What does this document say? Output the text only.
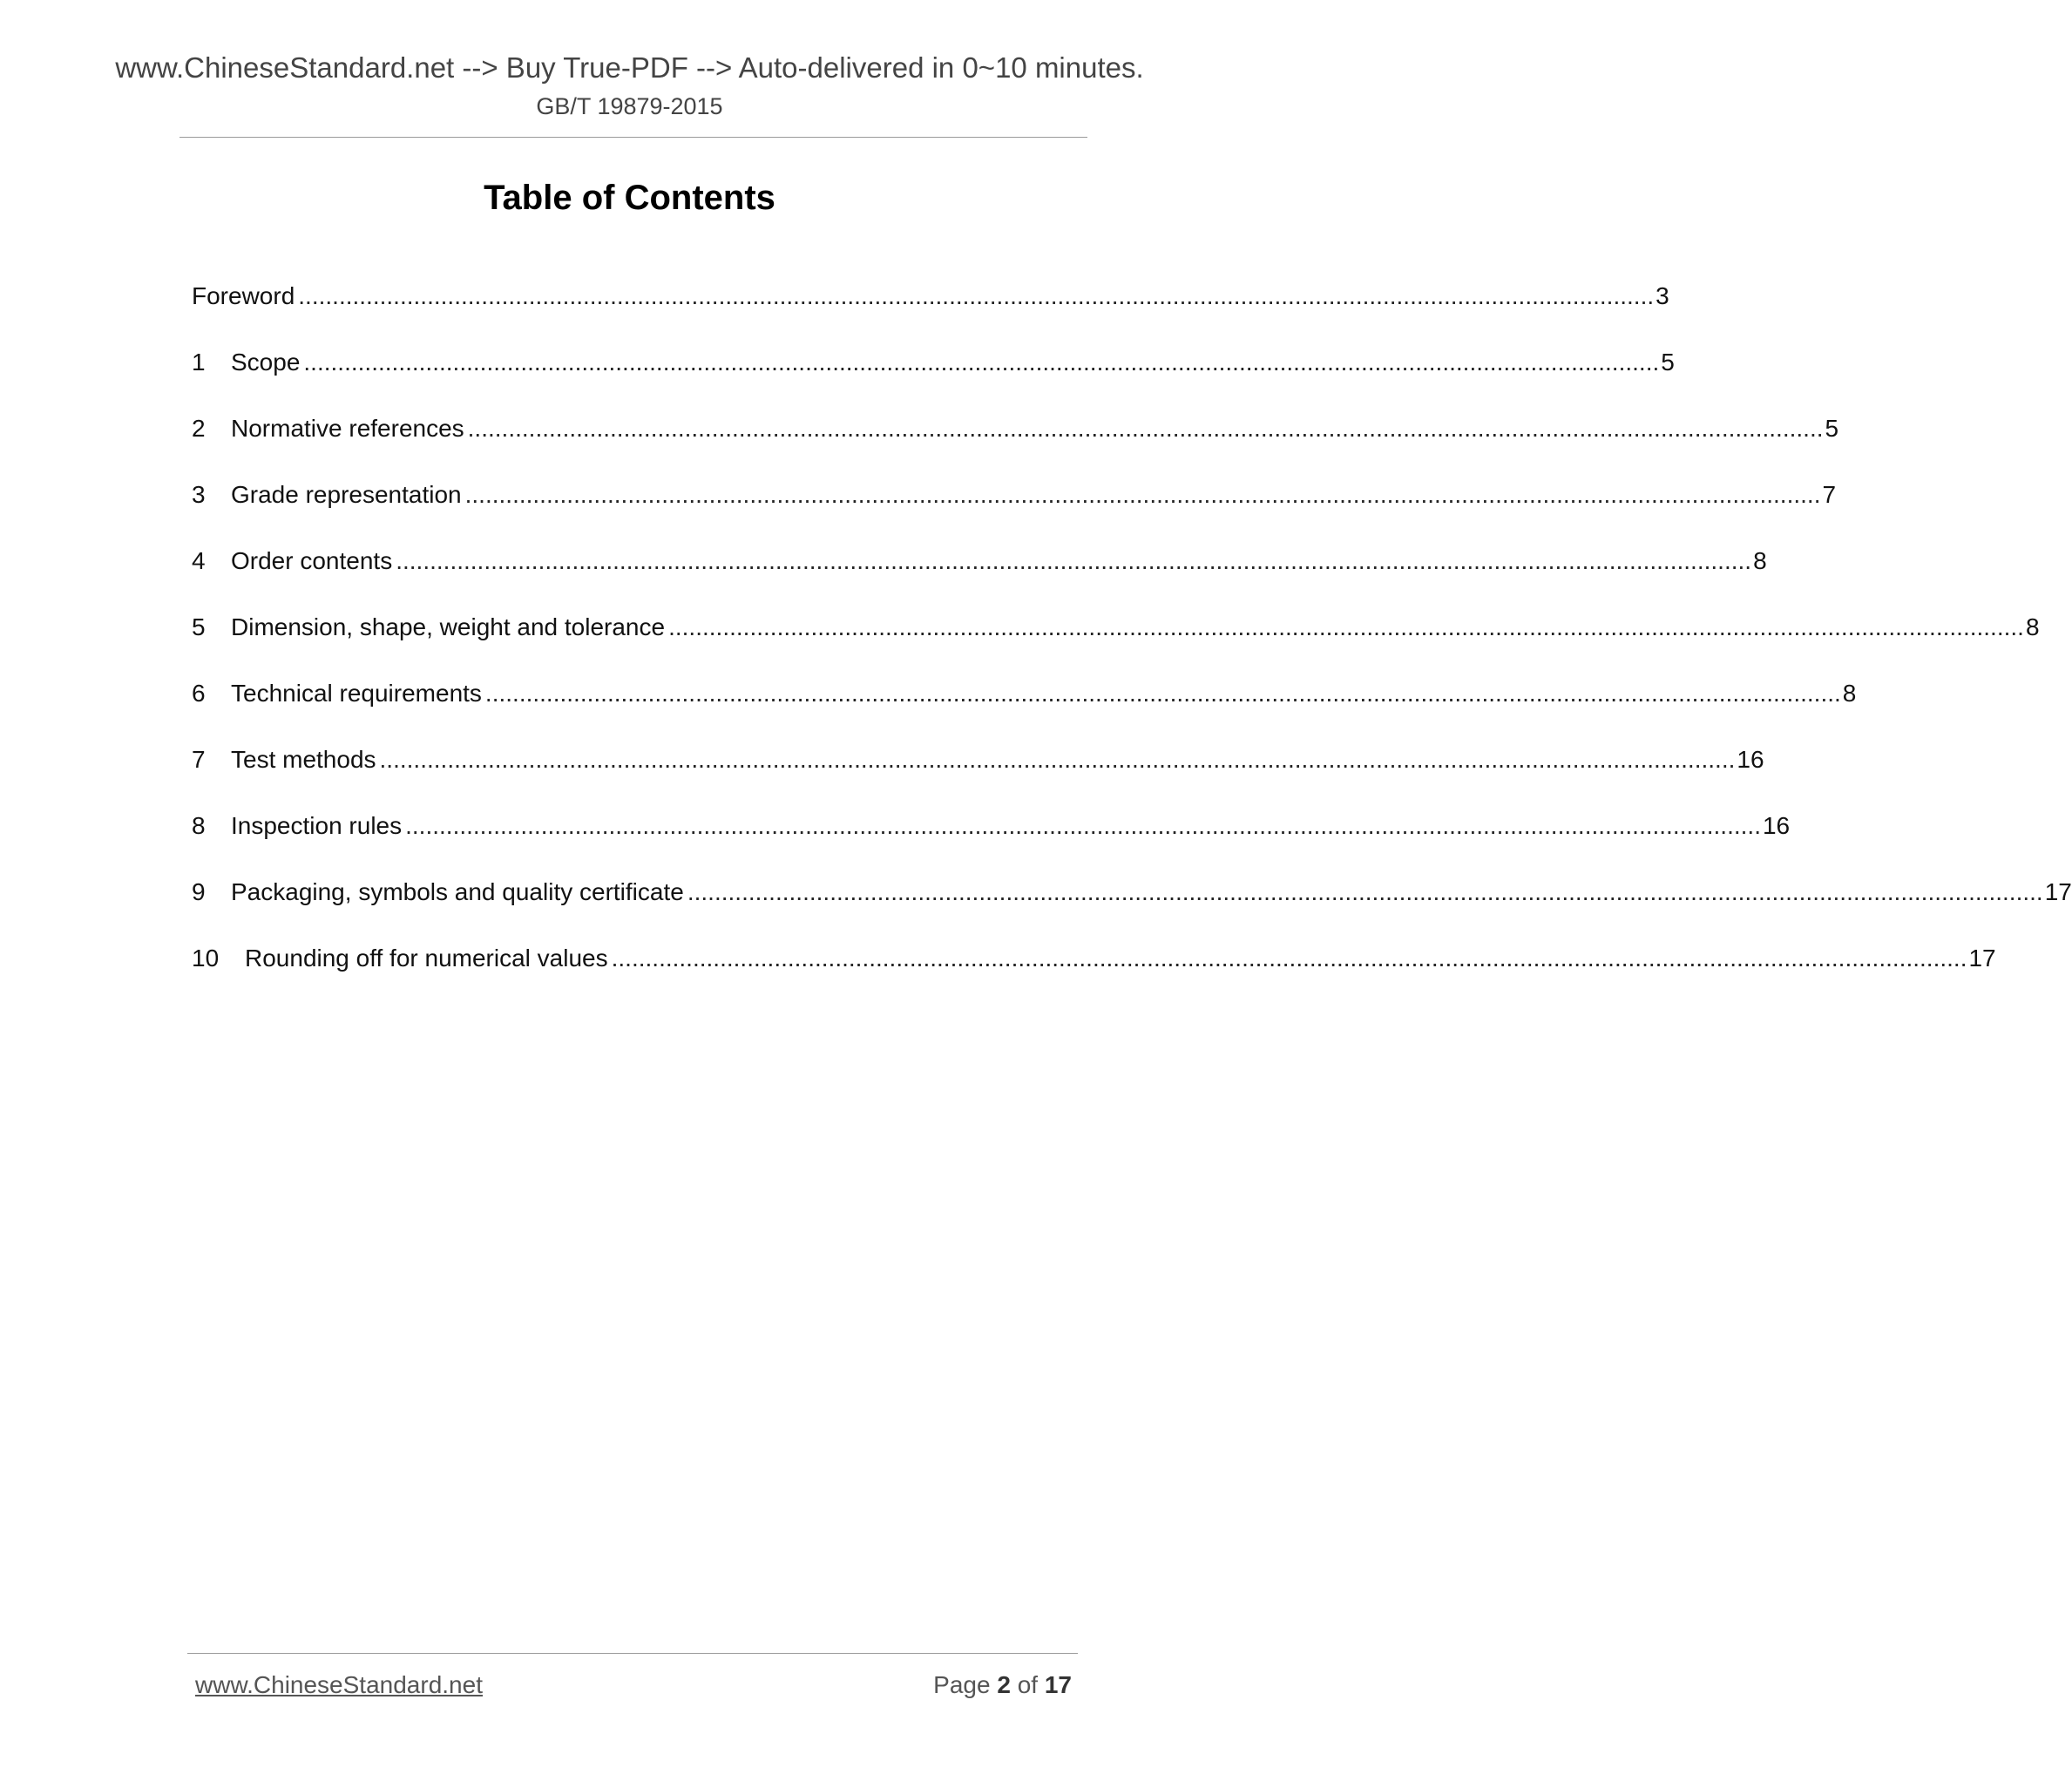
www.ChineseStandard.net --> Buy True-PDF --> Auto-delivered in 0~10 minutes.
GB/T 19879-2015
Table of Contents
Foreword ........................................................................................................................................................................................................ 3
1	Scope ........................................................................................................................................................................................................ 5
2	Normative references ........................................................................................................................................................................................................ 5
3	Grade representation ........................................................................................................................................................................................................ 7
4	Order contents ........................................................................................................................................................................................................ 8
5	Dimension, shape, weight and tolerance ........................................................................................................................................................................................................ 8
6	Technical requirements ........................................................................................................................................................................................................ 8
7	Test methods ........................................................................................................................................................................................................ 16
8	Inspection rules ........................................................................................................................................................................................................ 16
9	Packaging, symbols and quality certificate ........................................................................................................................................................................................................ 17
10	Rounding off for numerical values ........................................................................................................................................................................................................ 17
www.ChineseStandard.net	Page 2 of 17
